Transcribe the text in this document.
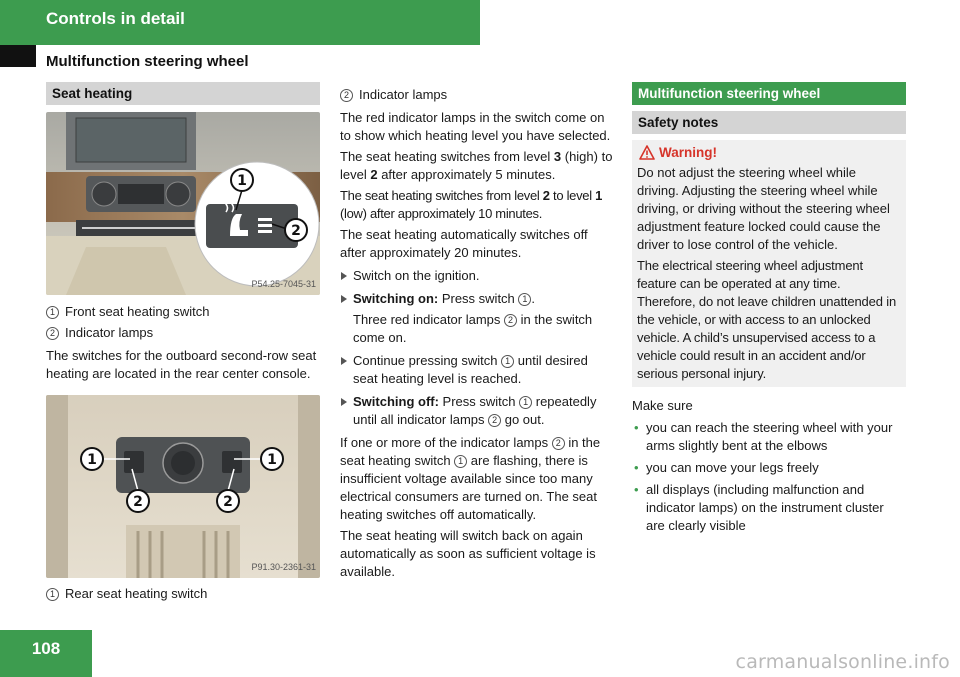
Controls in detail
Multifunction steering wheel
Seat heating
1
2
P54.25-7045-31

1 Front seat heating switch

2 Indicator lamps

The switches for the outboard second-row seat heating are located in the rear center console.

1	1
2	2
P91.30-2361-31

1 Rear seat heating switch

2 Indicator lamps

The red indicator lamps in the switch come on to show which heating level you have selected.

The seat heating switches from level 3 (high) to level 2 after approximately 5 minutes.

The seat heating switches from level 2 to level 1 (low) after approximately 10 minutes.

The seat heating automatically switches off after approximately 20 minutes.

Switch on the ignition.

Switching on: Press switch 1 .

Three red indicator lamps 2 in the switch come on.

Continue pressing switch 1 until desired seat heating level is reached.

Switching off: Press switch 1 repeatedly until all indicator lamps 2 go out.

If one or more of the indicator lamps 2 in the seat heating switch 1 are flashing, there is insufficient voltage available since too many electrical consumers are turned on. The seat heating switches off automatically.

The seat heating will switch back on again automatically as soon as sufficient voltage is available.

Multifunction steering wheel
Safety notes
Warning!

Do not adjust the steering wheel while driving. Adjusting the steering wheel while driving, or driving without the steering wheel adjustment feature locked could cause the driver to lose control of the vehicle.

The electrical steering wheel adjustment feature can be operated at any time. Therefore, do not leave children unattended in the vehicle, or with access to an unlocked vehicle. A child’s unsupervised access to a vehicle could result in an accident and/or serious personal injury.

Make sure

• you can reach the steering wheel with your arms slightly bent at the elbows

• you can move your legs freely

• all displays (including malfunction and indicator lamps) on the instrument cluster are clearly visible

108
carmanualsonline.info
